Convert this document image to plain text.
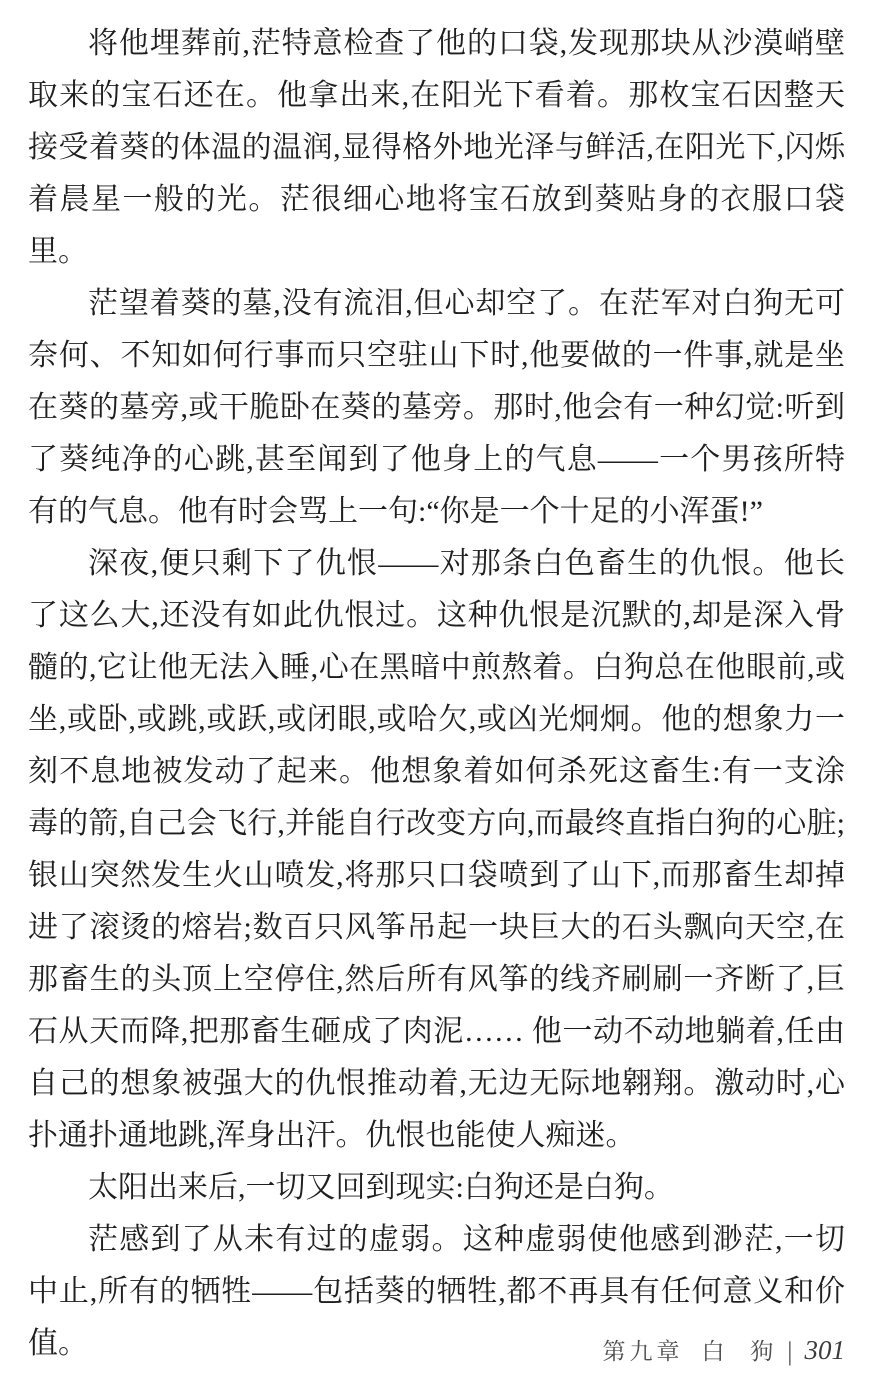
将他埋葬前,茫特意检查了他的口袋,发现那块从沙漠峭壁取来的宝石还在。他拿出来,在阳光下看着。那枚宝石因整天接受着葵的体温的温润,显得格外地光泽与鲜活,在阳光下,闪烁着晨星一般的光。茫很细心地将宝石放到葵贴身的衣服口袋里。

茫望着葵的墓,没有流泪,但心却空了。在茫军对白狗无可奈何、不知如何行事而只空驻山下时,他要做的一件事,就是坐在葵的墓旁,或干脆卧在葵的墓旁。那时,他会有一种幻觉:听到了葵纯净的心跳,甚至闻到了他身上的气息——一个男孩所特有的气息。他有时会骂上一句:“你是一个十足的小浑蛋!”

深夜,便只剩下了仇恨——对那条白色畜生的仇恨。他长了这么大,还没有如此仇恨过。这种仇恨是沉默的,却是深入骨髓的,它让他无法入睡,心在黑暗中煎熬着。白狗总在他眼前,或坐,或卧,或跳,或跃,或闭眼,或哈欠,或凶光炯炯。他的想象力一刻不息地被发动了起来。他想象着如何杀死这畜生:有一支涂毒的箭,自己会飞行,并能自行改变方向,而最终直指白狗的心脏;银山突然发生火山喷发,将那只口袋喷到了山下,而那畜生却掉进了滚烫的熔岩;数百只风筝吊起一块巨大的石头飘向天空,在那畜生的头顶上空停住,然后所有风筝的线齐刷刷一齐断了,巨石从天而降,把那畜生砸成了肉泥…… 他一动不动地躺着,任由自己的想象被强大的仇恨推动着,无边无际地翱翔。激动时,心扑通扑通地跳,浑身出汗。仇恨也能使人痴迷。

太阳出来后,一切又回到现实:白狗还是白狗。

茫感到了从未有过的虚弱。这种虚弱使他感到渺茫,一切中止,所有的牺牲——包括葵的牺牲,都不再具有任何意义和价值。	第九章 白 狗 | 301
